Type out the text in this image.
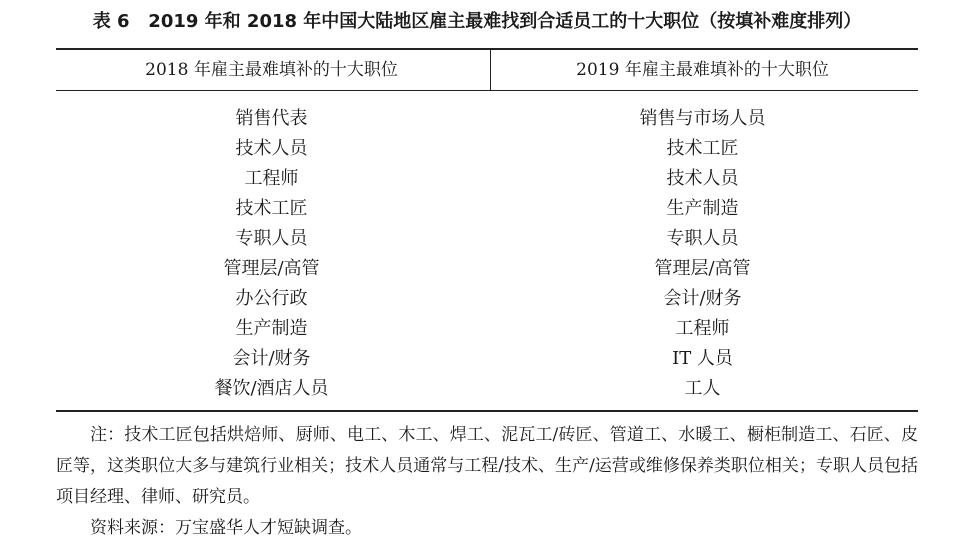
表 6 2019 年和 2018 年中国大陆地区雇主最难找到合适员工的十大职位（按填补难度排列）
2018 年雇主最难填补的十大职位	2019 年雇主最难填补的十大职位
销售代表
技术人员
工程师
技术工匠
专职人员
管理层/高管
办公行政
生产制造
会计/财务
餐饮/酒店人员
销售与市场人员
技术工匠
技术人员
生产制造
专职人员
管理层/高管
会计/财务
工程师
IT 人员
工人

注：技术工匠包括烘焙师、厨师、电工、木工、焊工、泥瓦工/砖匠、管道工、水暖工、橱柜制造工、石匠、皮匠等，这类职位大多与建筑行业相关；技术人员通常与工程/技术、生产/运营或维修保养类职位相关；专职人员包括项目经理、律师、研究员。

资料来源：万宝盛华人才短缺调查。
